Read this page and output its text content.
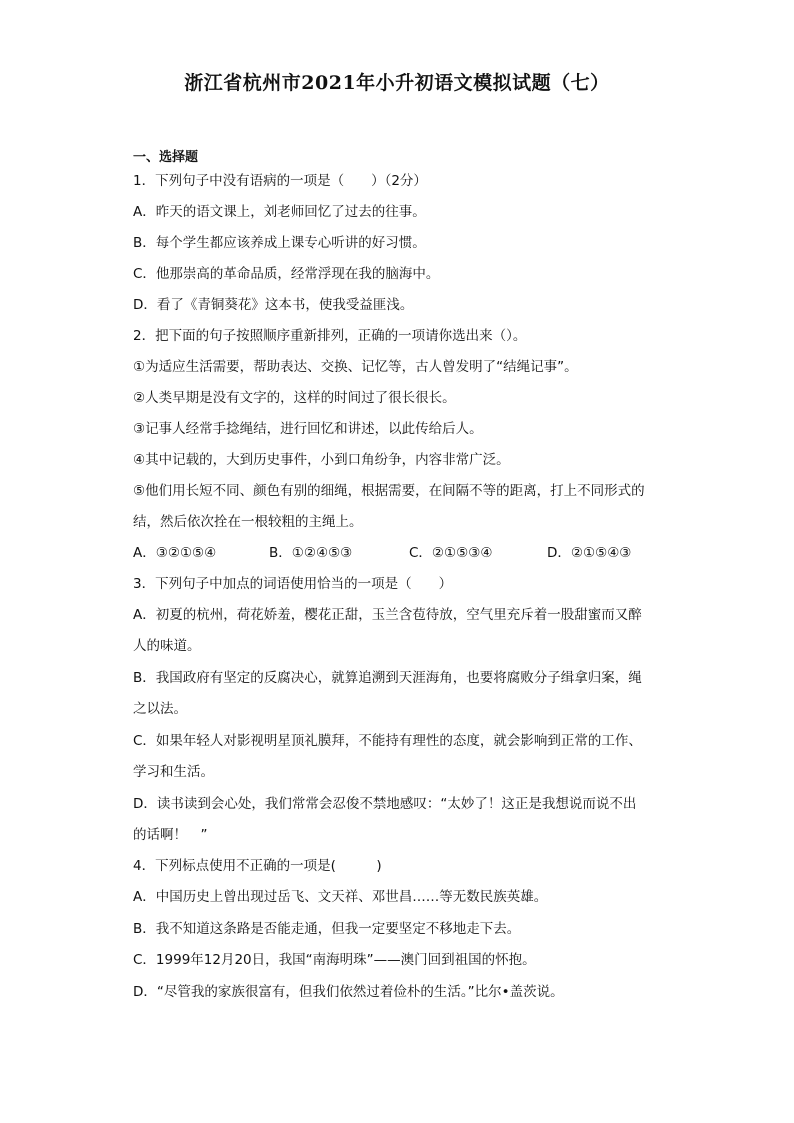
浙江省杭州市2021年小升初语文模拟试题（七）
一、选择题
1．下列句子中没有语病的一项是（　　）（2分）
A．昨天的语文课上，刘老师回忆了过去的往事。
B．每个学生都应该养成上课专心听讲的好习惯。
C．他那崇高的革命品质，经常浮现在我的脑海中。
D．看了《青铜葵花》这本书，使我受益匪浅。
2．把下面的句子按照顺序重新排列，正确的一项请你选出来（）。
①为适应生活需要，帮助表达、交换、记忆等，古人曾发明了“结绳记事”。
②人类早期是没有文字的，这样的时间过了很长很长。
③记事人经常手捻绳结，进行回忆和讲述，以此传给后人。
④其中记载的，大到历史事件，小到口角纷争，内容非常广泛。
⑤他们用长短不同、颜色有别的细绳，根据需要，在间隔不等的距离，打上不同形式的
结，然后依次拴在一根较粗的主绳上。
A．③②①⑤④	B．①②④⑤③	C．②①⑤③④	D．②①⑤④③
3．下列句子中加点的词语使用恰当的一项是（　　）
A．初夏的杭州，荷花娇羞，樱花正甜，玉兰含苞待放，空气里充斥着一股甜蜜而又醉
人的味道。
B．我国政府有坚定的反腐决心，就算追溯到天涯海角，也要将腐败分子缉拿归案，绳
之以法。
C．如果年轻人对影视明星顶礼膜拜，不能持有理性的态度，就会影响到正常的工作、
学习和生活。
D．读书读到会心处，我们常常会忍俊不禁地感叹：“太妙了！这正是我想说而说不出
的话啊！　”
4．下列标点使用不正确的一项是(　　　)
A．中国历史上曾出现过岳飞、文天祥、邓世昌……等无数民族英雄。
B．我不知道这条路是否能走通，但我一定要坚定不移地走下去。
C．1999年12月20日，我国“南海明珠”——澳门回到祖国的怀抱。
D．“尽管我的家族很富有，但我们依然过着俭朴的生活。”比尔•盖茨说。
